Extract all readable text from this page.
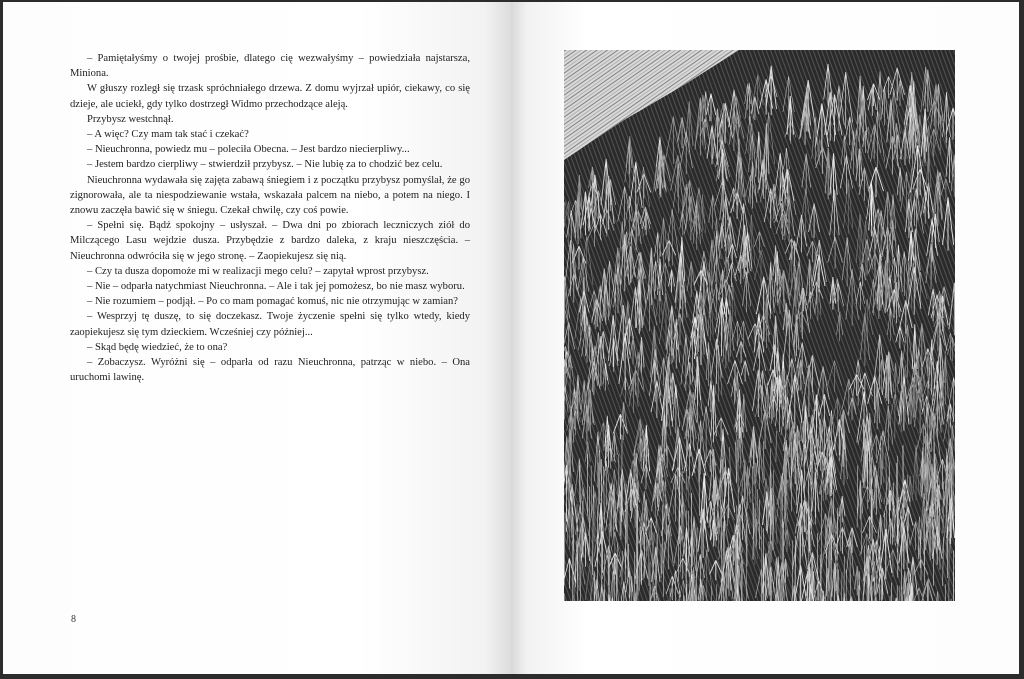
– Pamiętałyśmy o twojej prośbie, dlatego cię wezwałyśmy – powiedziała najstarsza, Miniona.

W głuszy rozległ się trzask spróchniałego drzewa. Z domu wyjrzał upiór, ciekawy, co się dzieje, ale uciekł, gdy tylko dostrzegł Widmo przechodzące aleją.

Przybysz westchnął.

– A więc? Czy mam tak stać i czekać?

– Nieuchronna, powiedz mu – poleciła Obecna. – Jest bardzo niecierpliwy...

– Jestem bardzo cierpliwy – stwierdził przybysz. – Nie lubię za to chodzić bez celu.

Nieuchronna wydawała się zajęta zabawą śniegiem i z początku przybysz pomyślał, że go zignorowała, ale ta niespodziewanie wstała, wskazała palcem na niebo, a potem na niego. I znowu zaczęła bawić się w śniegu. Czekał chwilę, czy coś powie.

– Spełni się. Bądź spokojny – usłyszał. – Dwa dni po zbiorach leczniczych ziół do Milczącego Lasu wejdzie dusza. Przybędzie z bardzo daleka, z kraju nieszczęścia. – Nieuchronna odwróciła się w jego stronę. – Zaopiekujesz się nią.

– Czy ta dusza dopomoże mi w realizacji mego celu? – zapytał wprost przybysz.

– Nie – odparła natychmiast Nieuchronna. – Ale i tak jej pomożesz, bo nie masz wyboru.

– Nie rozumiem – podjął. – Po co mam pomagać komuś, nic nie otrzymując w zamian?

– Wesprzyj tę duszę, to się doczekasz. Twoje życzenie spełni się tylko wtedy, kiedy zaopiekujesz się tym dzieckiem. Wcześniej czy później...

– Skąd będę wiedzieć, że to ona?

– Zobaczysz. Wyróżni się – odparła od razu Nieuchronna, patrząc w niebo. – Ona uruchomi lawinę.

8
